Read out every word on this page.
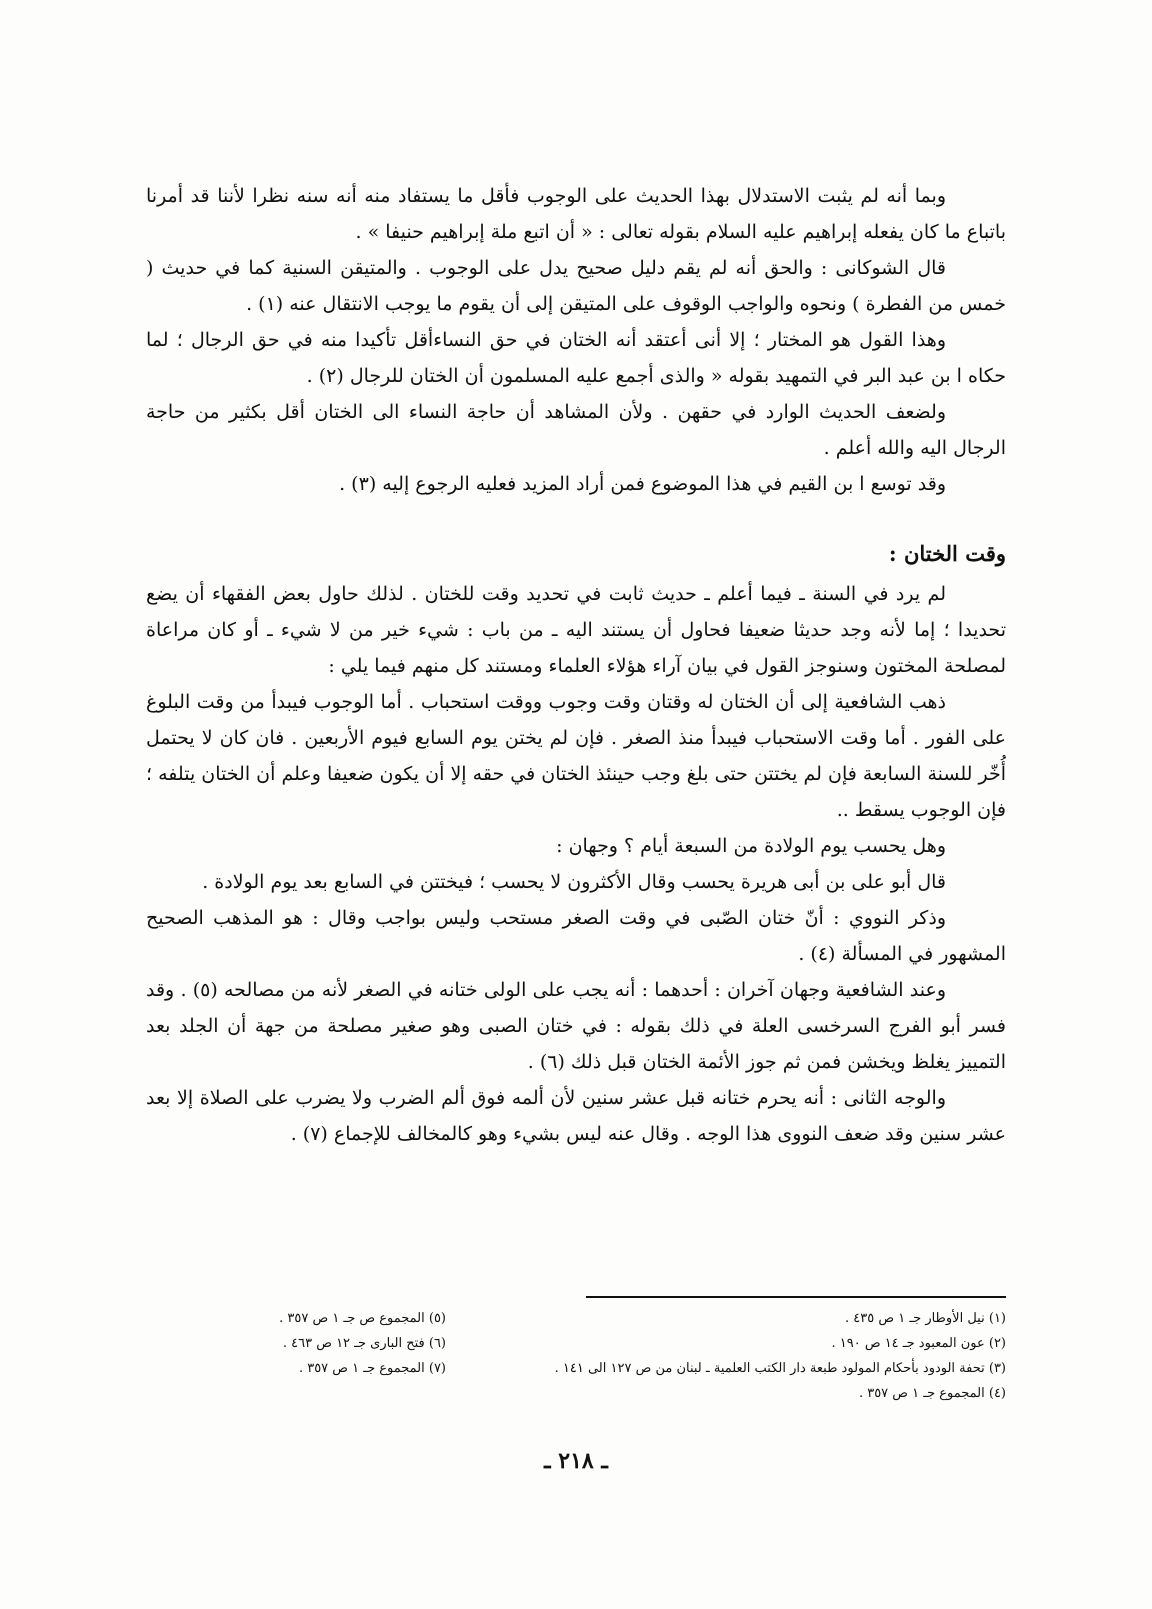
وبما أنه لم يثبت الاستدلال بهذا الحديث على الوجوب فأقل ما يستفاد منه أنه سنه نظرا لأننا قد أمرنا باتباع ما كان يفعله إبراهيم عليه السلام بقوله تعالى : « أن اتبع ملة إبراهيم حنيفا » .

قال الشوكانى : والحق أنه لم يقم دليل صحيح يدل على الوجوب . والمتيقن السنية كما في حديث ( خمس من الفطرة ) ونحوه والواجب الوقوف على المتيقن إلى أن يقوم ما يوجب الانتقال عنه (١) .

وهذا القول هو المختار ؛ إلا أنى أعتقد أنه الختان في حق النساءأقل تأكيدا منه في حق الرجال ؛ لما حكاه ا بن عبد البر في التمهيد بقوله « والذى أجمع عليه المسلمون أن الختان للرجال (٢) .

ولضعف الحديث الوارد في حقهن . ولأن المشاهد أن حاجة النساء الى الختان أقل بكثير من حاجة الرجال اليه والله أعلم .

وقد توسع ا بن القيم في هذا الموضوع فمن أراد المزيد فعليه الرجوع إليه (٣) .

وقت الختان :

لم يرد في السنة ـ فيما أعلم ـ حديث ثابت في تحديد وقت للختان . لذلك حاول بعض الفقهاء أن يضع تحديدا ؛ إما لأنه وجد حديثا ضعيفا فحاول أن يستند اليه ـ من باب : شيء خير من لا شيء ـ أو كان مراعاة لمصلحة المختون وسنوجز القول في بيان آراء هؤلاء العلماء ومستند كل منهم فيما يلي :

ذهب الشافعية إلى أن الختان له وقتان وقت وجوب ووقت استحباب . أما الوجوب فيبدأ من وقت البلوغ على الفور . أما وقت الاستحباب فيبدأ منذ الصغر . فإن لم يختن يوم السابع فيوم الأربعين . فان كان لا يحتمل أُخّر للسنة السابعة فإن لم يختتن حتى بلغ وجب حينئذ الختان في حقه إلا أن يكون ضعيفا وعلم أن الختان يتلفه ؛ فإن الوجوب يسقط ..

وهل يحسب يوم الولادة من السبعة أيام ؟ وجهان :

قال أبو على بن أبى هريرة يحسب وقال الأكثرون لا يحسب ؛ فيختتن في السابع بعد يوم الولادة .

وذكر النووي : أنّ ختان الصّبى في وقت الصغر مستحب وليس بواجب وقال : هو المذهب الصحيح المشهور في المسألة (٤) .

وعند الشافعية وجهان آخران : أحدهما : أنه يجب على الولى ختانه في الصغر لأنه من مصالحه (٥) . وقد فسر أبو الفرج السرخسى العلة في ذلك بقوله : في ختان الصبى وهو صغير مصلحة من جهة أن الجلد بعد التمييز يغلظ ويخشن فمن ثم جوز الأئمة الختان قبل ذلك (٦) .

والوجه الثانى : أنه يحرم ختانه قبل عشر سنين لأن ألمه فوق ألم الضرب ولا يضرب على الصلاة إلا بعد عشر سنين وقد ضعف النووى هذا الوجه . وقال عنه ليس بشيء وهو كالمخالف للإجماع (٧) .

(١) نيل الأوطار جـ ١ ص ٤٣٥ .
(٢) عون المعبود جـ ١٤ ص ١٩٠ .
(٣) تحفة الودود بأحكام المولود طبعة دار الكتب العلمية ـ لبنان من ص ١٢٧ الى ١٤١ .
(٤) المجموع جـ ١ ص ٣٥٧ .
(٥) المجموع ص جـ ١ ص ٣٥٧ .
(٦) فتح البارى جـ ١٢ ص ٤٦٣ .
(٧) المجموع جـ ١ ص ٣٥٧ .
ـ ٢١٨ ـ
